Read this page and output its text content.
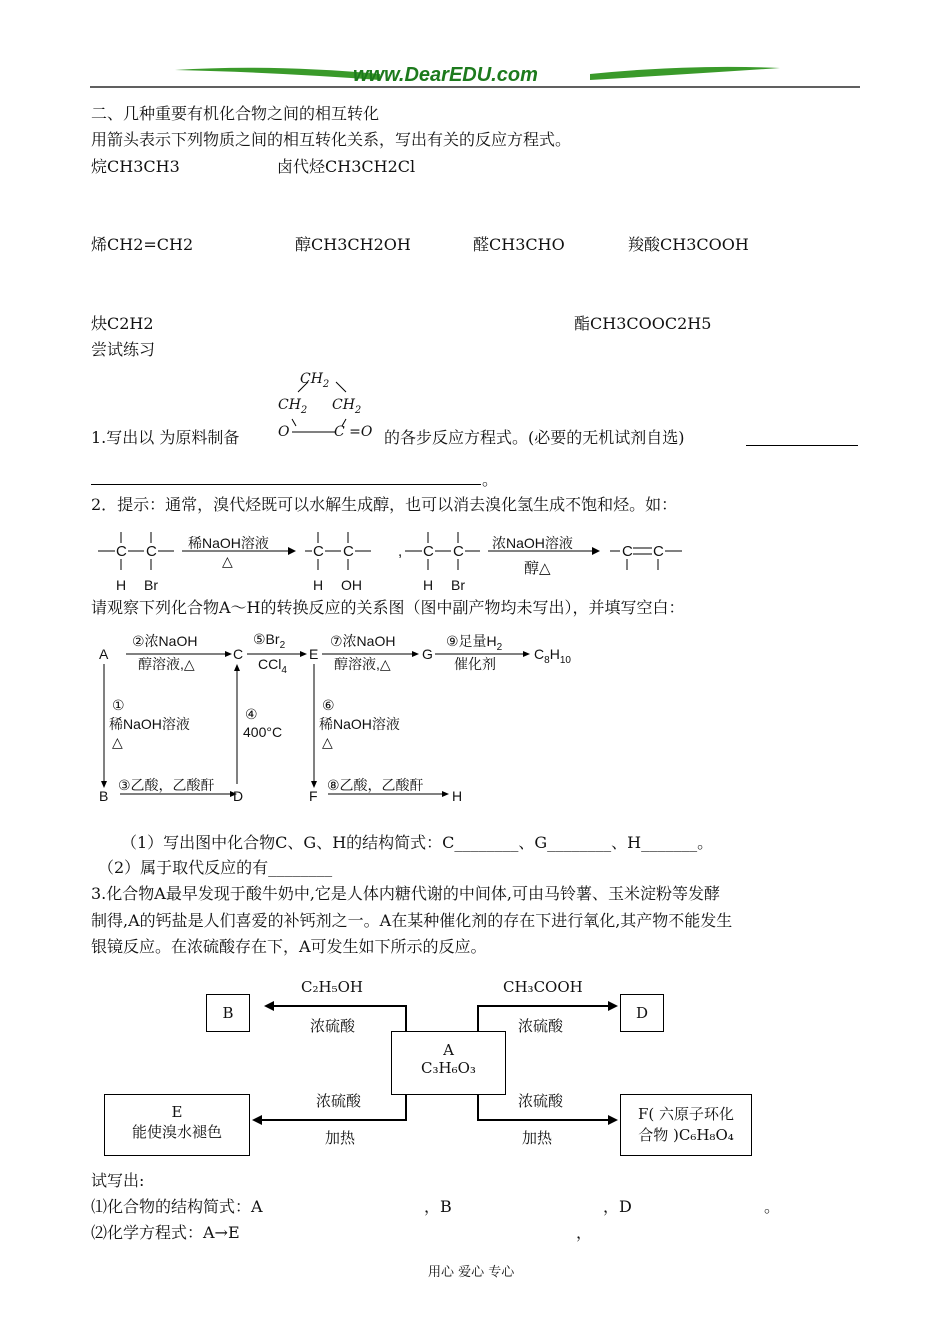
www.DearEDU.com
二、几种重要有机化合物之间的相互转化
用箭头表示下列物质之间的相互转化关系，写出有关的反应方程式。
烷CH3CH3	卤代烃CH3CH2Cl
烯CH2=CH2	醇CH3CH2OH	醛CH3CHO	羧酸CH3COOH
炔C2H2	酯CH3COOC2H5
尝试练习
$CH_2$
$CH_2$ $CH_2$
O	C =O
1.写出以 为原料制备	的各步反应方程式。(必要的无机试剂自选)
。
2．提示：通常，溴代烃既可以水解生成醇，也可以消去溴化氢生成不饱和烃。如：
C C
H Br
稀NaOH溶液
△
C C
H OH
, C C
H Br
浓NaOH溶液
醇△
C C
请观察下列化合物A～H的转换反应的关系图（图中副产物均未写出），并填写空白：
A	C	E	G	$C_8H_{10}$
B	D	F	H
②浓NaOH
醇溶液,△
$⑤Br_2$
CCl$_4$
⑦浓NaOH
醇溶液,△
⑨足量$H_2$
催化剂
①
稀NaOH溶液
△
④
400°C
⑥
稀NaOH溶液
△
③乙酸，乙酸酐	⑧乙酸，乙酸酐
（1）写出图中化合物C、G、H的结构简式：C________、G________、H_______。
（2）属于取代反应的有________
3.化合物A最早发现于酸牛奶中,它是人体内糖代谢的中间体,可由马铃薯、玉米淀粉等发酵
制得,A的钙盐是人们喜爱的补钙剂之一。A在某种催化剂的存在下进行氧化,其产物不能发生
银镜反应。在浓硫酸存在下，A可发生如下所示的反应。
B	D
A
C₃H₆O₃
E
能使溴水褪色
F( 六原子环化
合物 )C₆H₈O₄
C₂H₅OH	CH₃COOH
浓硫酸	浓硫酸
浓硫酸	浓硫酸
加热	加热
试写出:
⑴化合物的结构简式：A	，B	，D	。
⑵化学方程式：A→E	，
用心 爱心 专心
